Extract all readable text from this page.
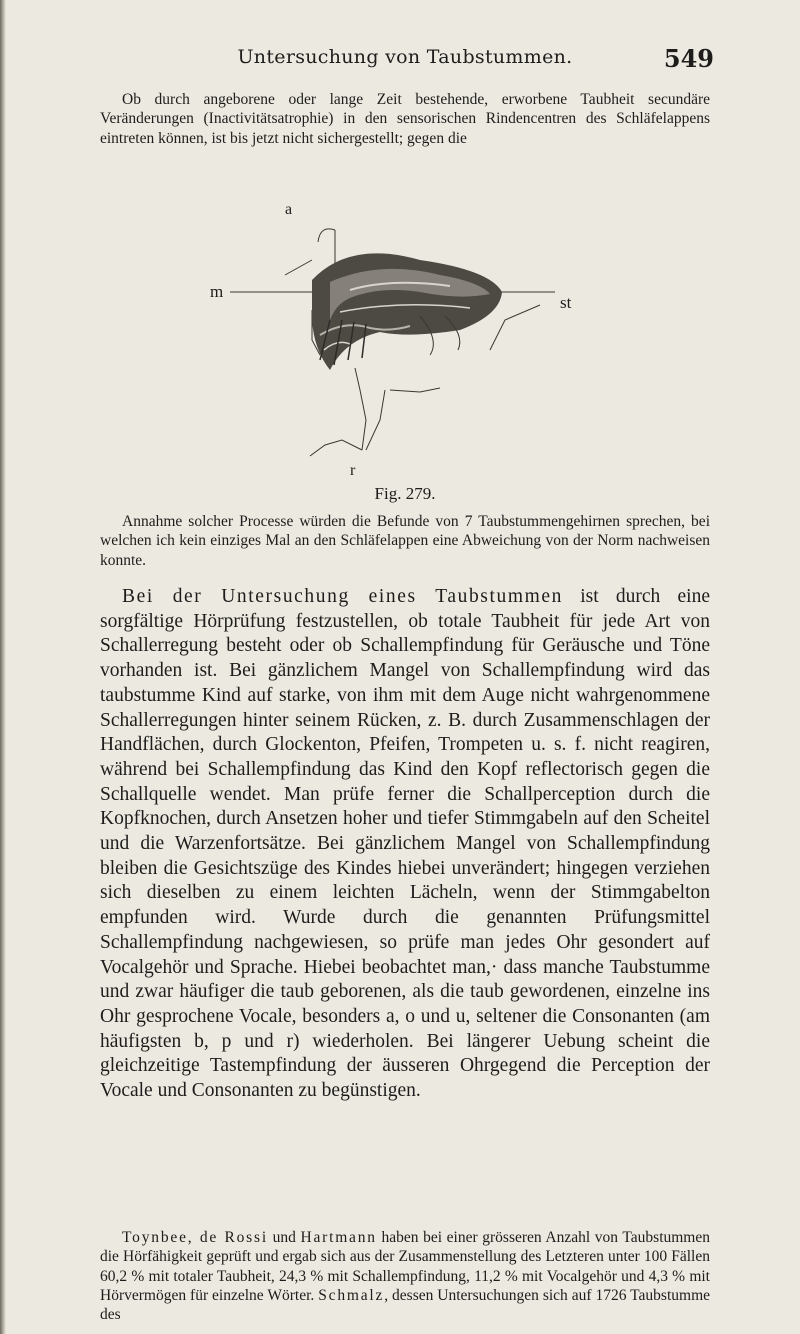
Untersuchung von Taubstummen.	549

Ob durch angeborene oder lange Zeit bestehende, erworbene Taubheit secundäre Veränderungen (Inactivitätsatrophie) in den sensorischen Rindencentren des Schläfelappens eintreten können, ist bis jetzt nicht sichergestellt; gegen die

a
m
st
r
Fig. 279.

Annahme solcher Processe würden die Befunde von 7 Taubstummengehirnen sprechen, bei welchen ich kein einziges Mal an den Schläfelappen eine Abweichung von der Norm nachweisen konnte.

Bei der Untersuchung eines Taubstummen ist durch eine sorgfältige Hörprüfung festzustellen, ob totale Taubheit für jede Art von Schallerregung besteht oder ob Schallempfindung für Geräusche und Töne vorhanden ist. Bei gänzlichem Mangel von Schallempfindung wird das taubstumme Kind auf starke, von ihm mit dem Auge nicht wahrgenommene Schallerregungen hinter seinem Rücken, z. B. durch Zusammenschlagen der Handflächen, durch Glockenton, Pfeifen, Trompeten u. s. f. nicht reagiren, während bei Schallempfindung das Kind den Kopf reflectorisch gegen die Schallquelle wendet. Man prüfe ferner die Schallperception durch die Kopfknochen, durch Ansetzen hoher und tiefer Stimmgabeln auf den Scheitel und die Warzenfortsätze. Bei gänzlichem Mangel von Schallempfindung bleiben die Gesichtszüge des Kindes hiebei unverändert; hingegen verziehen sich dieselben zu einem leichten Lächeln, wenn der Stimmgabelton empfunden wird. Wurde durch die genannten Prüfungsmittel Schallempfindung nachgewiesen, so prüfe man jedes Ohr gesondert auf Vocalgehör und Sprache. Hiebei beobachtet man,· dass manche Taubstumme und zwar häufiger die taub geborenen, als die taub gewordenen, einzelne ins Ohr gesprochene Vocale, besonders a, o und u, seltener die Consonanten (am häufigsten b, p und r) wiederholen. Bei längerer Uebung scheint die gleichzeitige Tastempfindung der äusseren Ohrgegend die Perception der Vocale und Consonanten zu begünstigen.

Toynbee, de Rossi und Hartmann haben bei einer grösseren Anzahl von Taubstummen die Hörfähigkeit geprüft und ergab sich aus der Zusammenstellung des Letzteren unter 100 Fällen 60,2 % mit totaler Taubheit, 24,3 % mit Schallempfindung, 11,2 % mit Vocalgehör und 4,3 % mit Hörvermögen für einzelne Wörter. Schmalz, dessen Untersuchungen sich auf 1726 Taubstumme des
